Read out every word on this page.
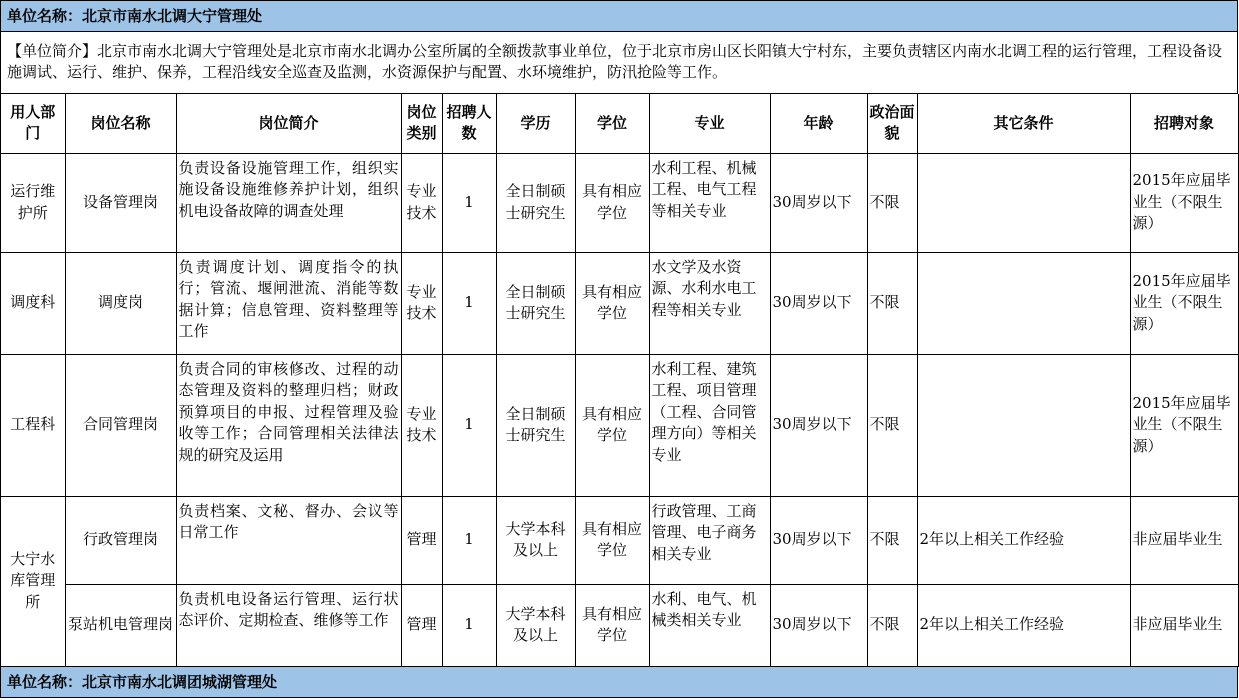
单位名称：北京市南水北调大宁管理处
【单位简介】北京市南水北调大宁管理处是北京市南水北调办公室所属的全额拨款事业单位，位于北京市房山区长阳镇大宁村东，主要负责辖区内南水北调工程的运行管理，工程设备设施调试、运行、维护、保养，工程沿线安全巡查及监测，水资源保护与配置、水环境维护，防汛抢险等工作。
用人部门	岗位名称	岗位简介	岗位类别	招聘人数	学历	学位	专业	年龄	政治面貌	其它条件	招聘对象
运行维护所	设备管理岗	负责设备设施管理工作，组织实施设备设施维修养护计划，组织机电设备故障的调查处理	专业技术	1	全日制硕士研究生	具有相应学位	水利工程、机械工程、电气工程等相关专业	30周岁以下	不限		2015年应届毕业生（不限生源）
调度科	调度岗	负责调度计划、调度指令的执行；管流、堰闸泄流、消能等数据计算；信息管理、资料整理等工作	专业技术	1	全日制硕士研究生	具有相应学位	水文学及水资源、水利水电工程等相关专业	30周岁以下	不限		2015年应届毕业生（不限生源）
工程科	合同管理岗	负责合同的审核修改、过程的动态管理及资料的整理归档；财政预算项目的申报、过程管理及验收等工作；合同管理相关法律法规的研究及运用	专业技术	1	全日制硕士研究生	具有相应学位	水利工程、建筑工程、项目管理（工程、合同管理方向）等相关专业	30周岁以下	不限		2015年应届毕业生（不限生源）
大宁水库管理所	行政管理岗	负责档案、文秘、督办、会议等日常工作	管理	1	大学本科及以上	具有相应学位	行政管理、工商管理、电子商务相关专业	30周岁以下	不限	2年以上相关工作经验	非应届毕业生
	泵站机电管理岗	负责机电设备运行管理、运行状态评价、定期检查、维修等工作	管理	1	大学本科及以上	具有相应学位	水利、电气、机械类相关专业	30周岁以下	不限	2年以上相关工作经验	非应届毕业生
单位名称：北京市南水北调团城湖管理处
